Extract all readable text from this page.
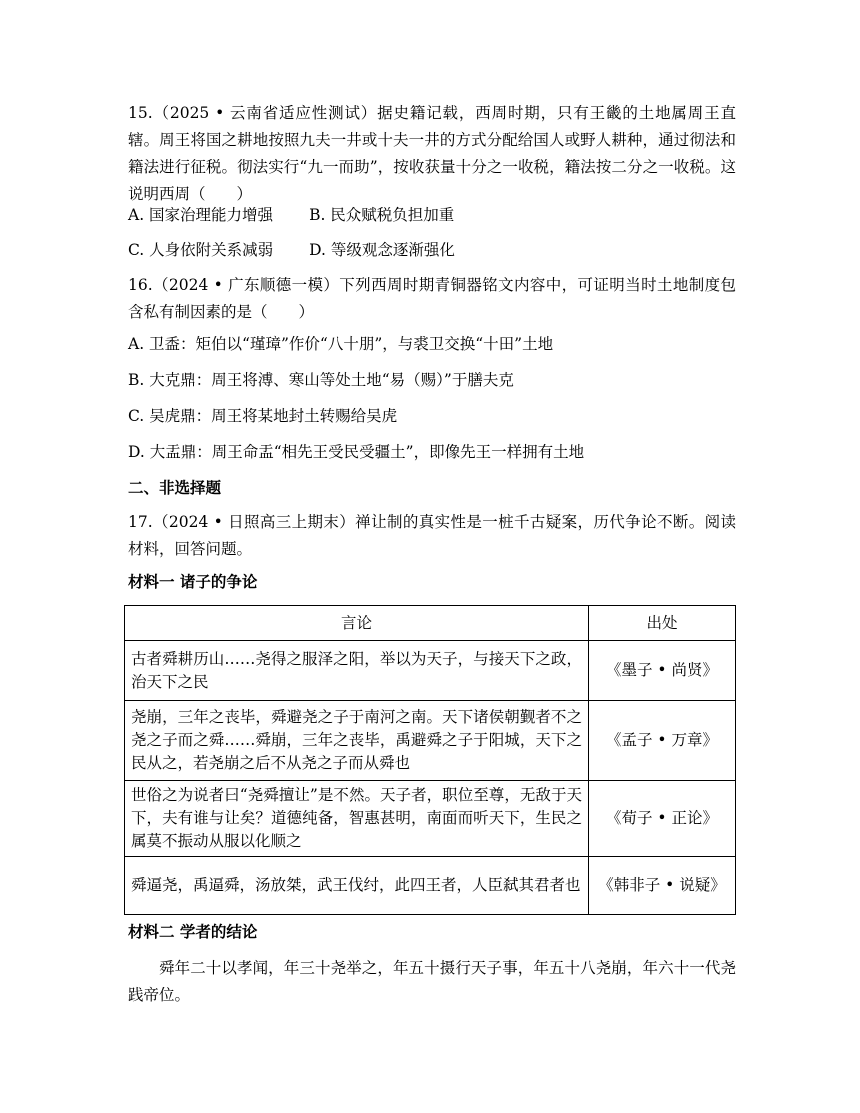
15.（2025 • 云南省适应性测试）据史籍记载，西周时期，只有王畿的土地属周王直辖。周王将国之耕地按照九夫一井或十夫一井的方式分配给国人或野人耕种，通过彻法和籍法进行征税。彻法实行“九一而助”，按收获量十分之一收税，籍法按二分之一收税。这说明西周（　　）
A. 国家治理能力增强 B. 民众赋税负担加重
C. 人身依附关系减弱 D. 等级观念逐渐强化
16.（2024 • 广东顺德一模）下列西周时期青铜器铭文内容中，可证明当时土地制度包含私有制因素的是（　　）
A. 卫盉：矩伯以“瑾璋”作价“八十朋”，与裘卫交换“十田”土地
B. 大克鼎：周王将溥、寒山等处土地“易（赐）”于膳夫克
C. 吴虎鼎：周王将某地封土转赐给吴虎
D. 大盂鼎：周王命盂“相先王受民受疆土”，即像先王一样拥有土地
二、非选择题
17.（2024 • 日照高三上期末）禅让制的真实性是一桩千古疑案，历代争论不断。阅读材料，回答问题。
材料一 诸子的争论
言论	出处
古者舜耕历山……尧得之服泽之阳，举以为天子，与接天下之政，治天下之民	《墨子 • 尚贤》
尧崩，三年之丧毕，舜避尧之子于南河之南。天下诸侯朝觐者不之尧之子而之舜……舜崩，三年之丧毕，禹避舜之子于阳城，天下之民从之，若尧崩之后不从尧之子而从舜也	《孟子 • 万章》
世俗之为说者曰“尧舜擅让”是不然。天子者，职位至尊，无敌于天下，夫有谁与让矣？道德纯备，智惠甚明，南面而听天下，生民之属莫不振动从服以化顺之	《荀子 • 正论》
舜逼尧，禹逼舜，汤放桀，武王伐纣，此四王者，人臣弑其君者也	《韩非子 • 说疑》
材料二 学者的结论
舜年二十以孝闻，年三十尧举之，年五十摄行天子事，年五十八尧崩，年六十一代尧践帝位。
